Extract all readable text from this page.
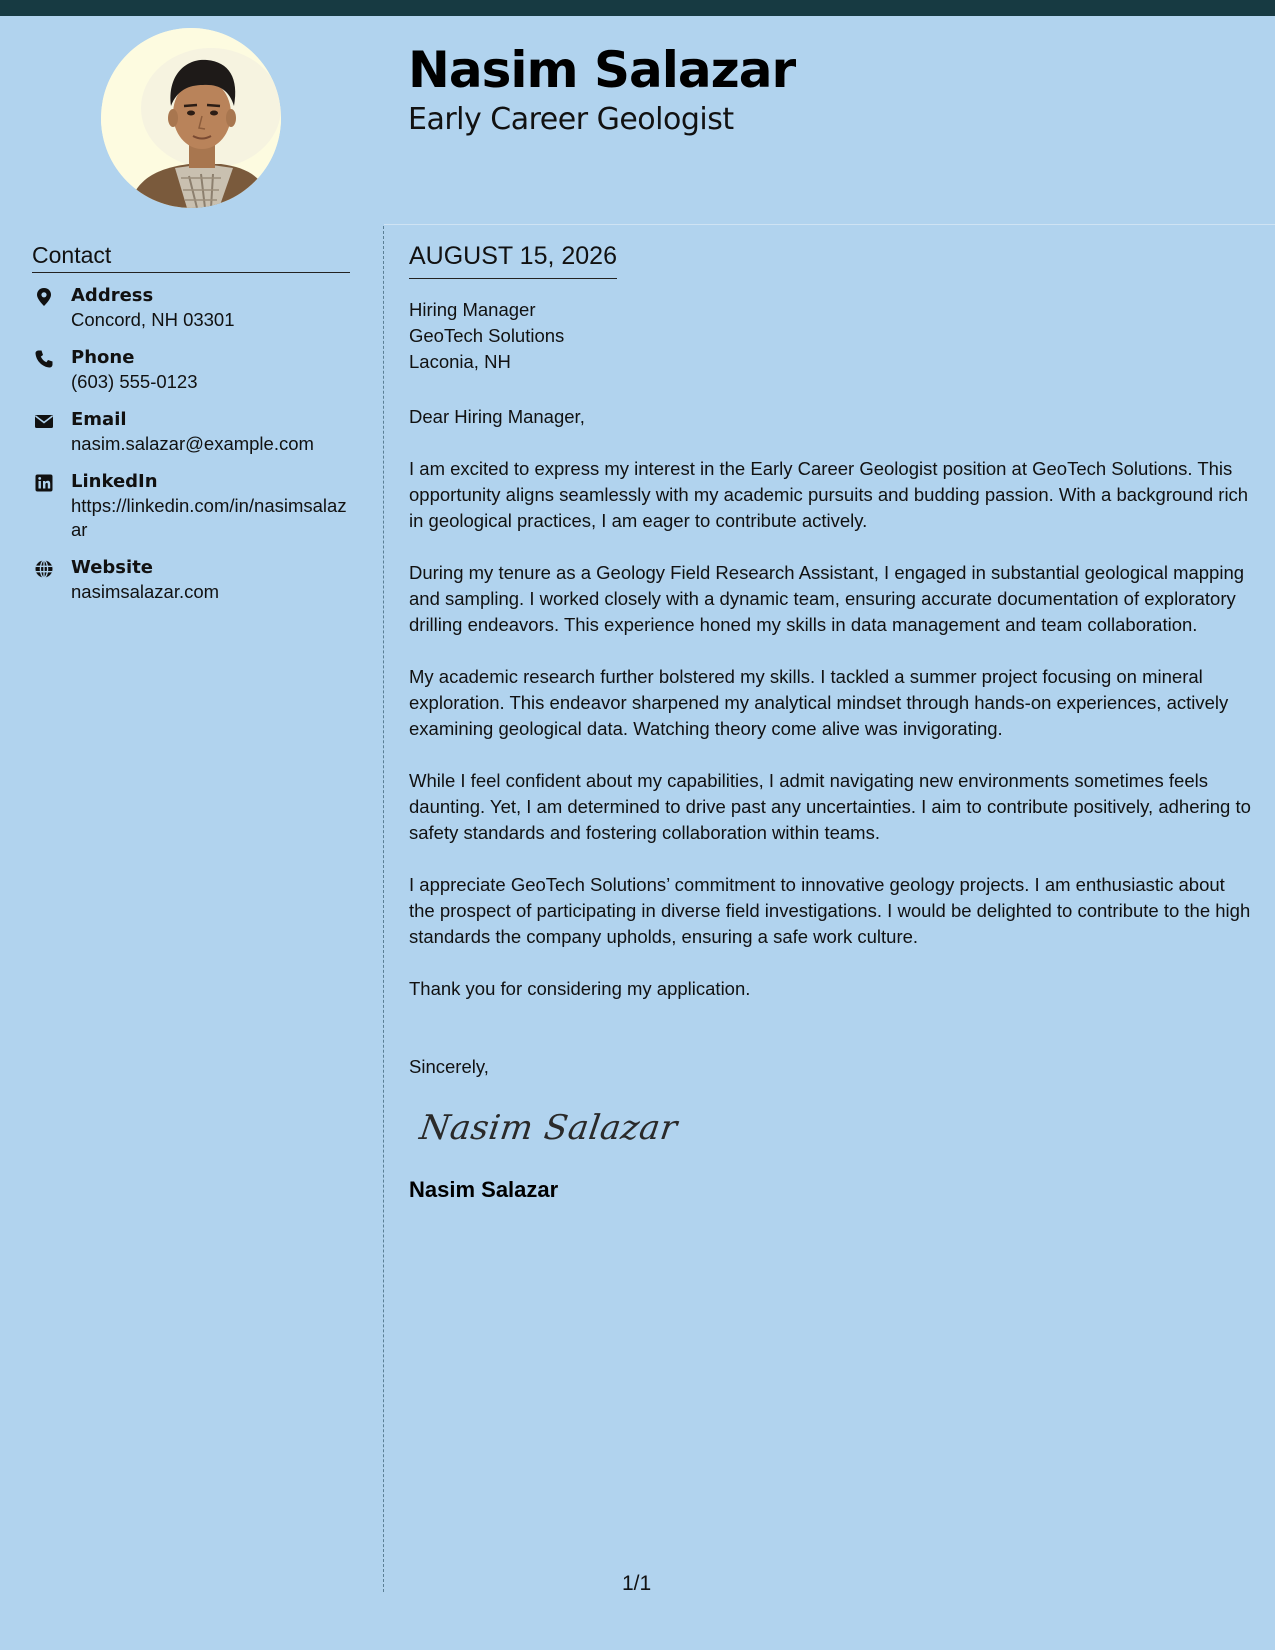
Nasim Salazar
Early Career Geologist
Contact
Address
Concord, NH 03301
Phone
(603) 555-0123
Email
nasim.salazar@example.com
LinkedIn
https://linkedin.com/in/nasimsalazar
Website
nasimsalazar.com
AUGUST 15, 2026
Hiring Manager
GeoTech Solutions
Laconia, NH
Dear Hiring Manager,

I am excited to express my interest in the Early Career Geologist position at GeoTech Solutions. This opportunity aligns seamlessly with my academic pursuits and budding passion. With a background rich in geological practices, I am eager to contribute actively.

During my tenure as a Geology Field Research Assistant, I engaged in substantial geological mapping and sampling. I worked closely with a dynamic team, ensuring accurate documentation of exploratory drilling endeavors. This experience honed my skills in data management and team collaboration.

My academic research further bolstered my skills. I tackled a summer project focusing on mineral exploration. This endeavor sharpened my analytical mindset through hands-on experiences, actively examining geological data. Watching theory come alive was invigorating.

While I feel confident about my capabilities, I admit navigating new environments sometimes feels daunting. Yet, I am determined to drive past any uncertainties. I aim to contribute positively, adhering to safety standards and fostering collaboration within teams.

I appreciate GeoTech Solutions’ commitment to innovative geology projects. I am enthusiastic about the prospect of participating in diverse field investigations. I would be delighted to contribute to the high standards the company upholds, ensuring a safe work culture.

Thank you for considering my application.
Sincerely,
Nasim Salazar
Nasim Salazar
1/1
